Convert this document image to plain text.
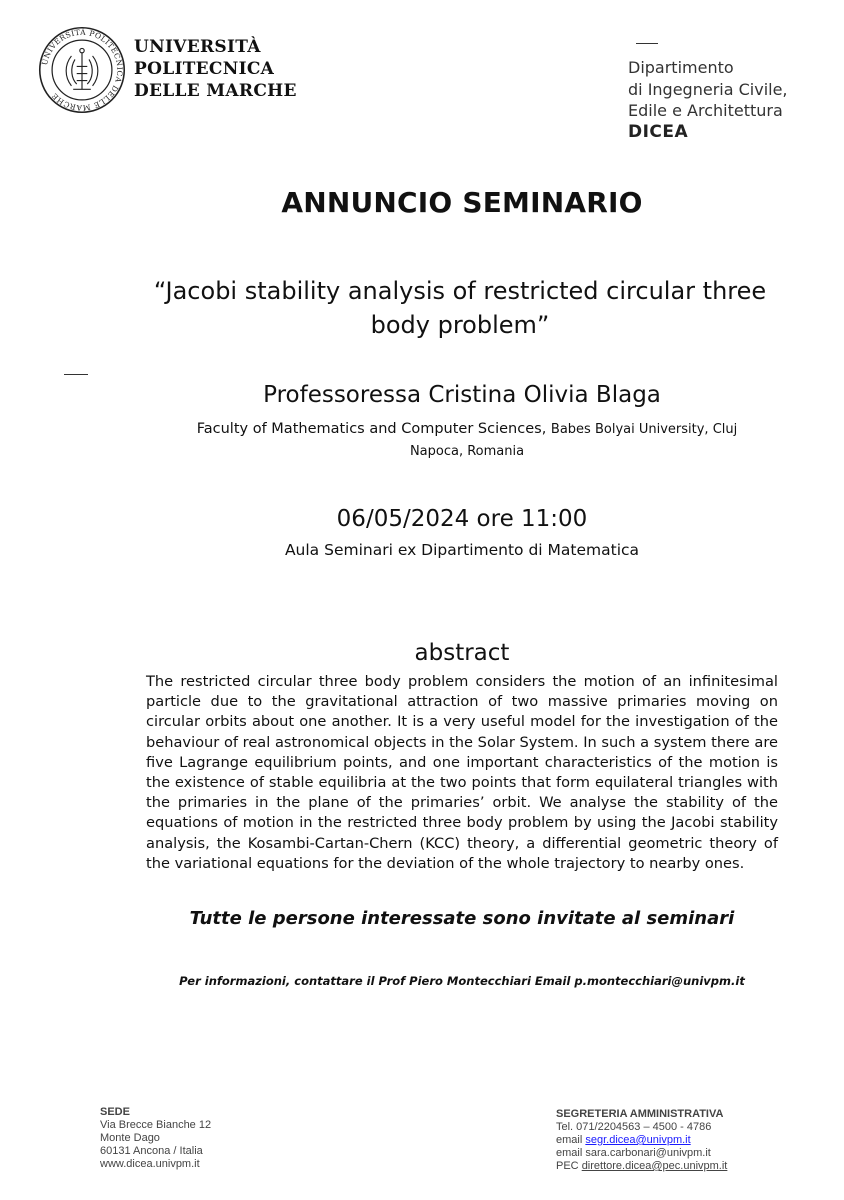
UNIVERSITÀ POLITECNICA DELLE MARCHE
UNIVERSITÀ
POLITECNICA
DELLE MARCHE
Dipartimento
di Ingegneria Civile,
Edile e Architettura
DICEA
ANNUNCIO SEMINARIO
“Jacobi stability analysis of restricted circular three
body problem”
Professoressa Cristina Olivia Blaga
Faculty of Mathematics and Computer Sciences, Babes Bolyai University, Cluj
Napoca, Romania
06/05/2024 ore 11:00
Aula Seminari ex Dipartimento di Matematica
abstract
The restricted circular three body problem considers the motion of an infinitesimal particle due to the gravitational attraction of two massive primaries moving on circular orbits about one another. It is a very useful model for the investigation of the behaviour of real astronomical objects in the Solar System. In such a system there are five Lagrange equilibrium points, and one important characteristics of the motion is the existence of stable equilibria at the two points that form equilateral triangles with the primaries in the plane of the primaries’ orbit. We analyse the stability of the equations of motion in the restricted three body problem by using the Jacobi stability analysis, the Kosambi-Cartan-Chern (KCC) theory, a differential geometric theory of the variational equations for the deviation of the whole trajectory to nearby ones.
Tutte le persone interessate sono invitate al seminari
Per informazioni, contattare il Prof Piero Montecchiari Email p.montecchiari@univpm.it
SEDE
Via Brecce Bianche 12
Monte Dago
60131 Ancona / Italia
www.dicea.univpm.it
SEGRETERIA AMMINISTRATIVA
Tel. 071/2204563 – 4500 - 4786
email segr.dicea@univpm.it
email sara.carbonari@univpm.it
PEC direttore.dicea@pec.univpm.it
